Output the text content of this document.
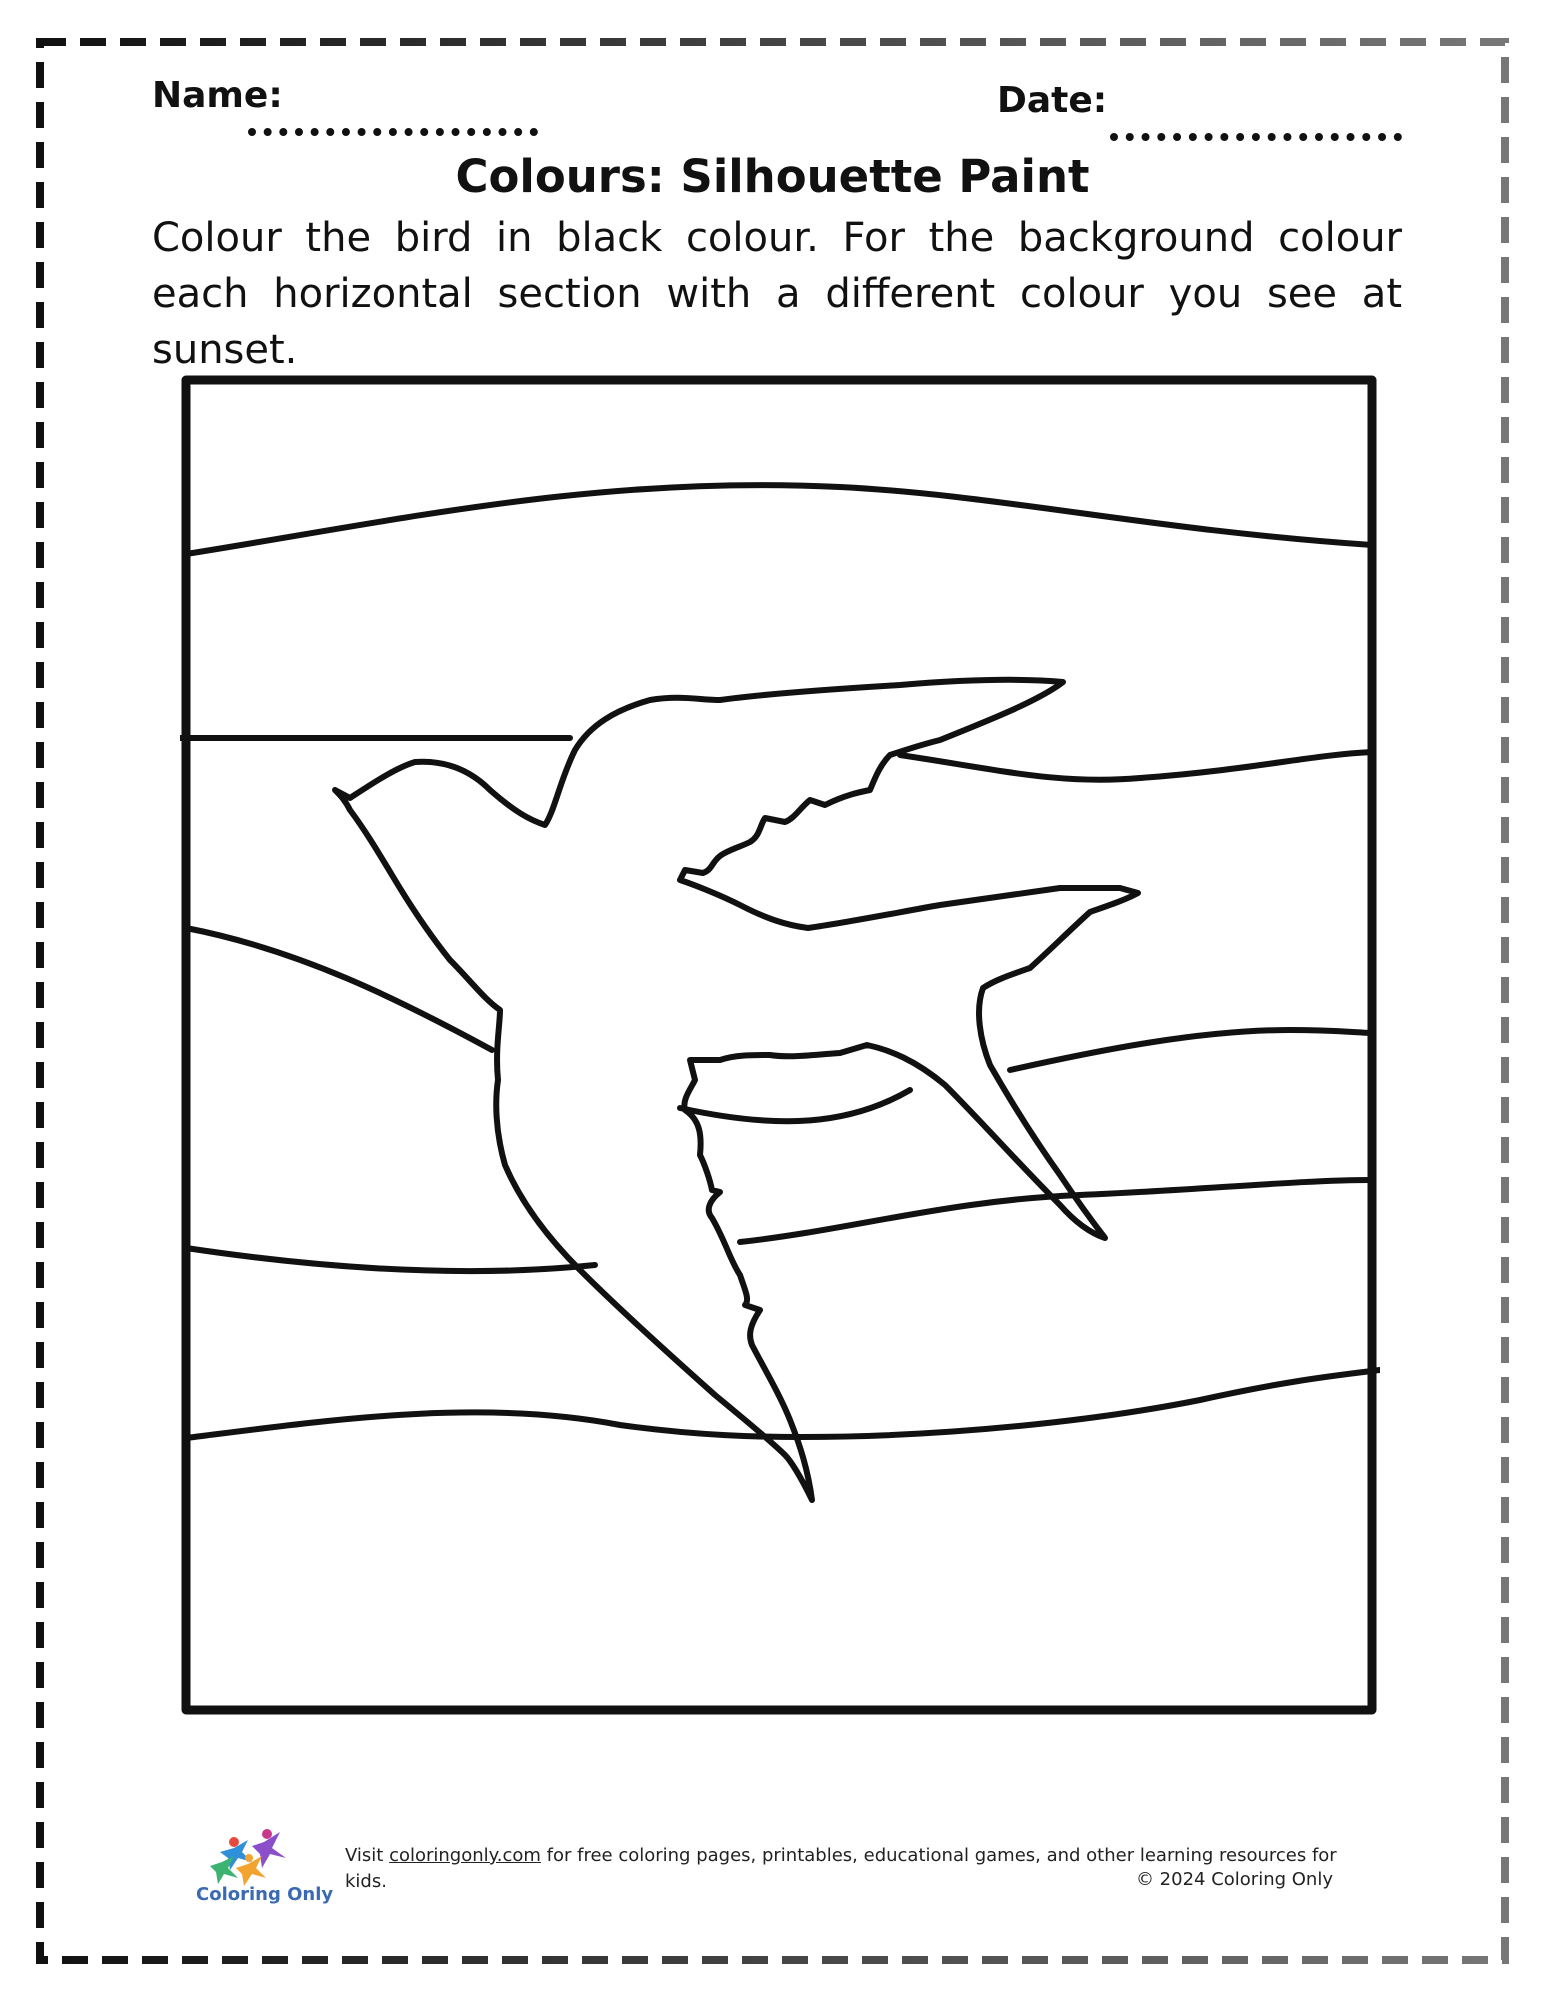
Name:	Date:
Colours: Silhouette Paint
Colour the bird in black colour. For the background colour each horizontal section with a different colour you see at sunset.
Coloring Only
Visit coloringonly.com for free coloring pages, printables, educational games, and other learning resources for kids.	© 2024 Coloring Only
